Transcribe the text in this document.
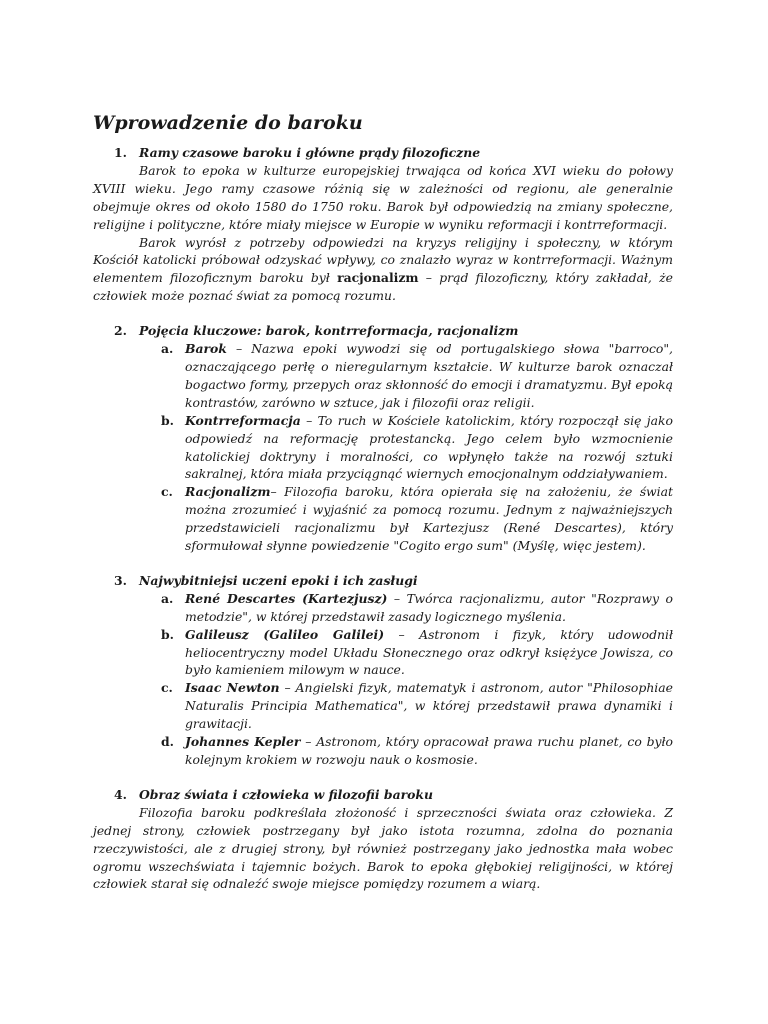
Wprowadzenie do baroku
1. Ramy czasowe baroku i główne prądy filozoficzne

Barok to epoka w kulturze europejskiej trwająca od końca XVI wieku do połowy XVIII wieku. Jego ramy czasowe różnią się w zależności od regionu, ale generalnie obejmuje okres od około 1580 do 1750 roku. Barok był odpowiedzią na zmiany społeczne, religijne i polityczne, które miały miejsce w Europie w wyniku reformacji i kontrreformacji.

Barok wyrósł z potrzeby odpowiedzi na kryzys religijny i społeczny, w którym Kościół katolicki próbował odzyskać wpływy, co znalazło wyraz w kontrreformacji. Ważnym elementem filozoficznym baroku był racjonalizm – prąd filozoficzny, który zakładał, że człowiek może poznać świat za pomocą rozumu.

2. Pojęcia kluczowe: barok, kontrreformacja, racjonalizm
a. Barok – Nazwa epoki wywodzi się od portugalskiego słowa "barroco", oznaczającego perłę o nieregularnym kształcie. W kulturze barok oznaczał bogactwo formy, przepych oraz skłonność do emocji i dramatyzmu. Był epoką kontrastów, zarówno w sztuce, jak i filozofii oraz religii.
b. Kontrreformacja – To ruch w Kościele katolickim, który rozpoczął się jako odpowiedź na reformację protestancką. Jego celem było wzmocnienie katolickiej doktryny i moralności, co wpłynęło także na rozwój sztuki sakralnej, która miała przyciągnąć wiernych emocjonalnym oddziaływaniem.
c. Racjonalizm– Filozofia baroku, która opierała się na założeniu, że świat można zrozumieć i wyjaśnić za pomocą rozumu. Jednym z najważniejszych przedstawicieli racjonalizmu był Kartezjusz (René Descartes), który sformułował słynne powiedzenie "Cogito ergo sum" (Myślę, więc jestem).
3. Najwybitniejsi uczeni epoki i ich zasługi
a. René Descartes (Kartezjusz) – Twórca racjonalizmu, autor "Rozprawy o metodzie", w której przedstawił zasady logicznego myślenia.
b. Galileusz (Galileo Galilei) – Astronom i fizyk, który udowodnił heliocentryczny model Układu Słonecznego oraz odkrył księżyce Jowisza, co było kamieniem milowym w nauce.
c. Isaac Newton – Angielski fizyk, matematyk i astronom, autor "Philosophiae Naturalis Principia Mathematica", w której przedstawił prawa dynamiki i grawitacji.
d. Johannes Kepler – Astronom, który opracował prawa ruchu planet, co było kolejnym krokiem w rozwoju nauk o kosmosie.
4. Obraz świata i człowieka w filozofii baroku

Filozofia baroku podkreślała złożoność i sprzeczności świata oraz człowieka. Z jednej strony, człowiek postrzegany był jako istota rozumna, zdolna do poznania rzeczywistości, ale z drugiej strony, był również postrzegany jako jednostka mała wobec ogromu wszechświata i tajemnic bożych. Barok to epoka głębokiej religijności, w której człowiek starał się odnaleźć swoje miejsce pomiędzy rozumem a wiarą.
